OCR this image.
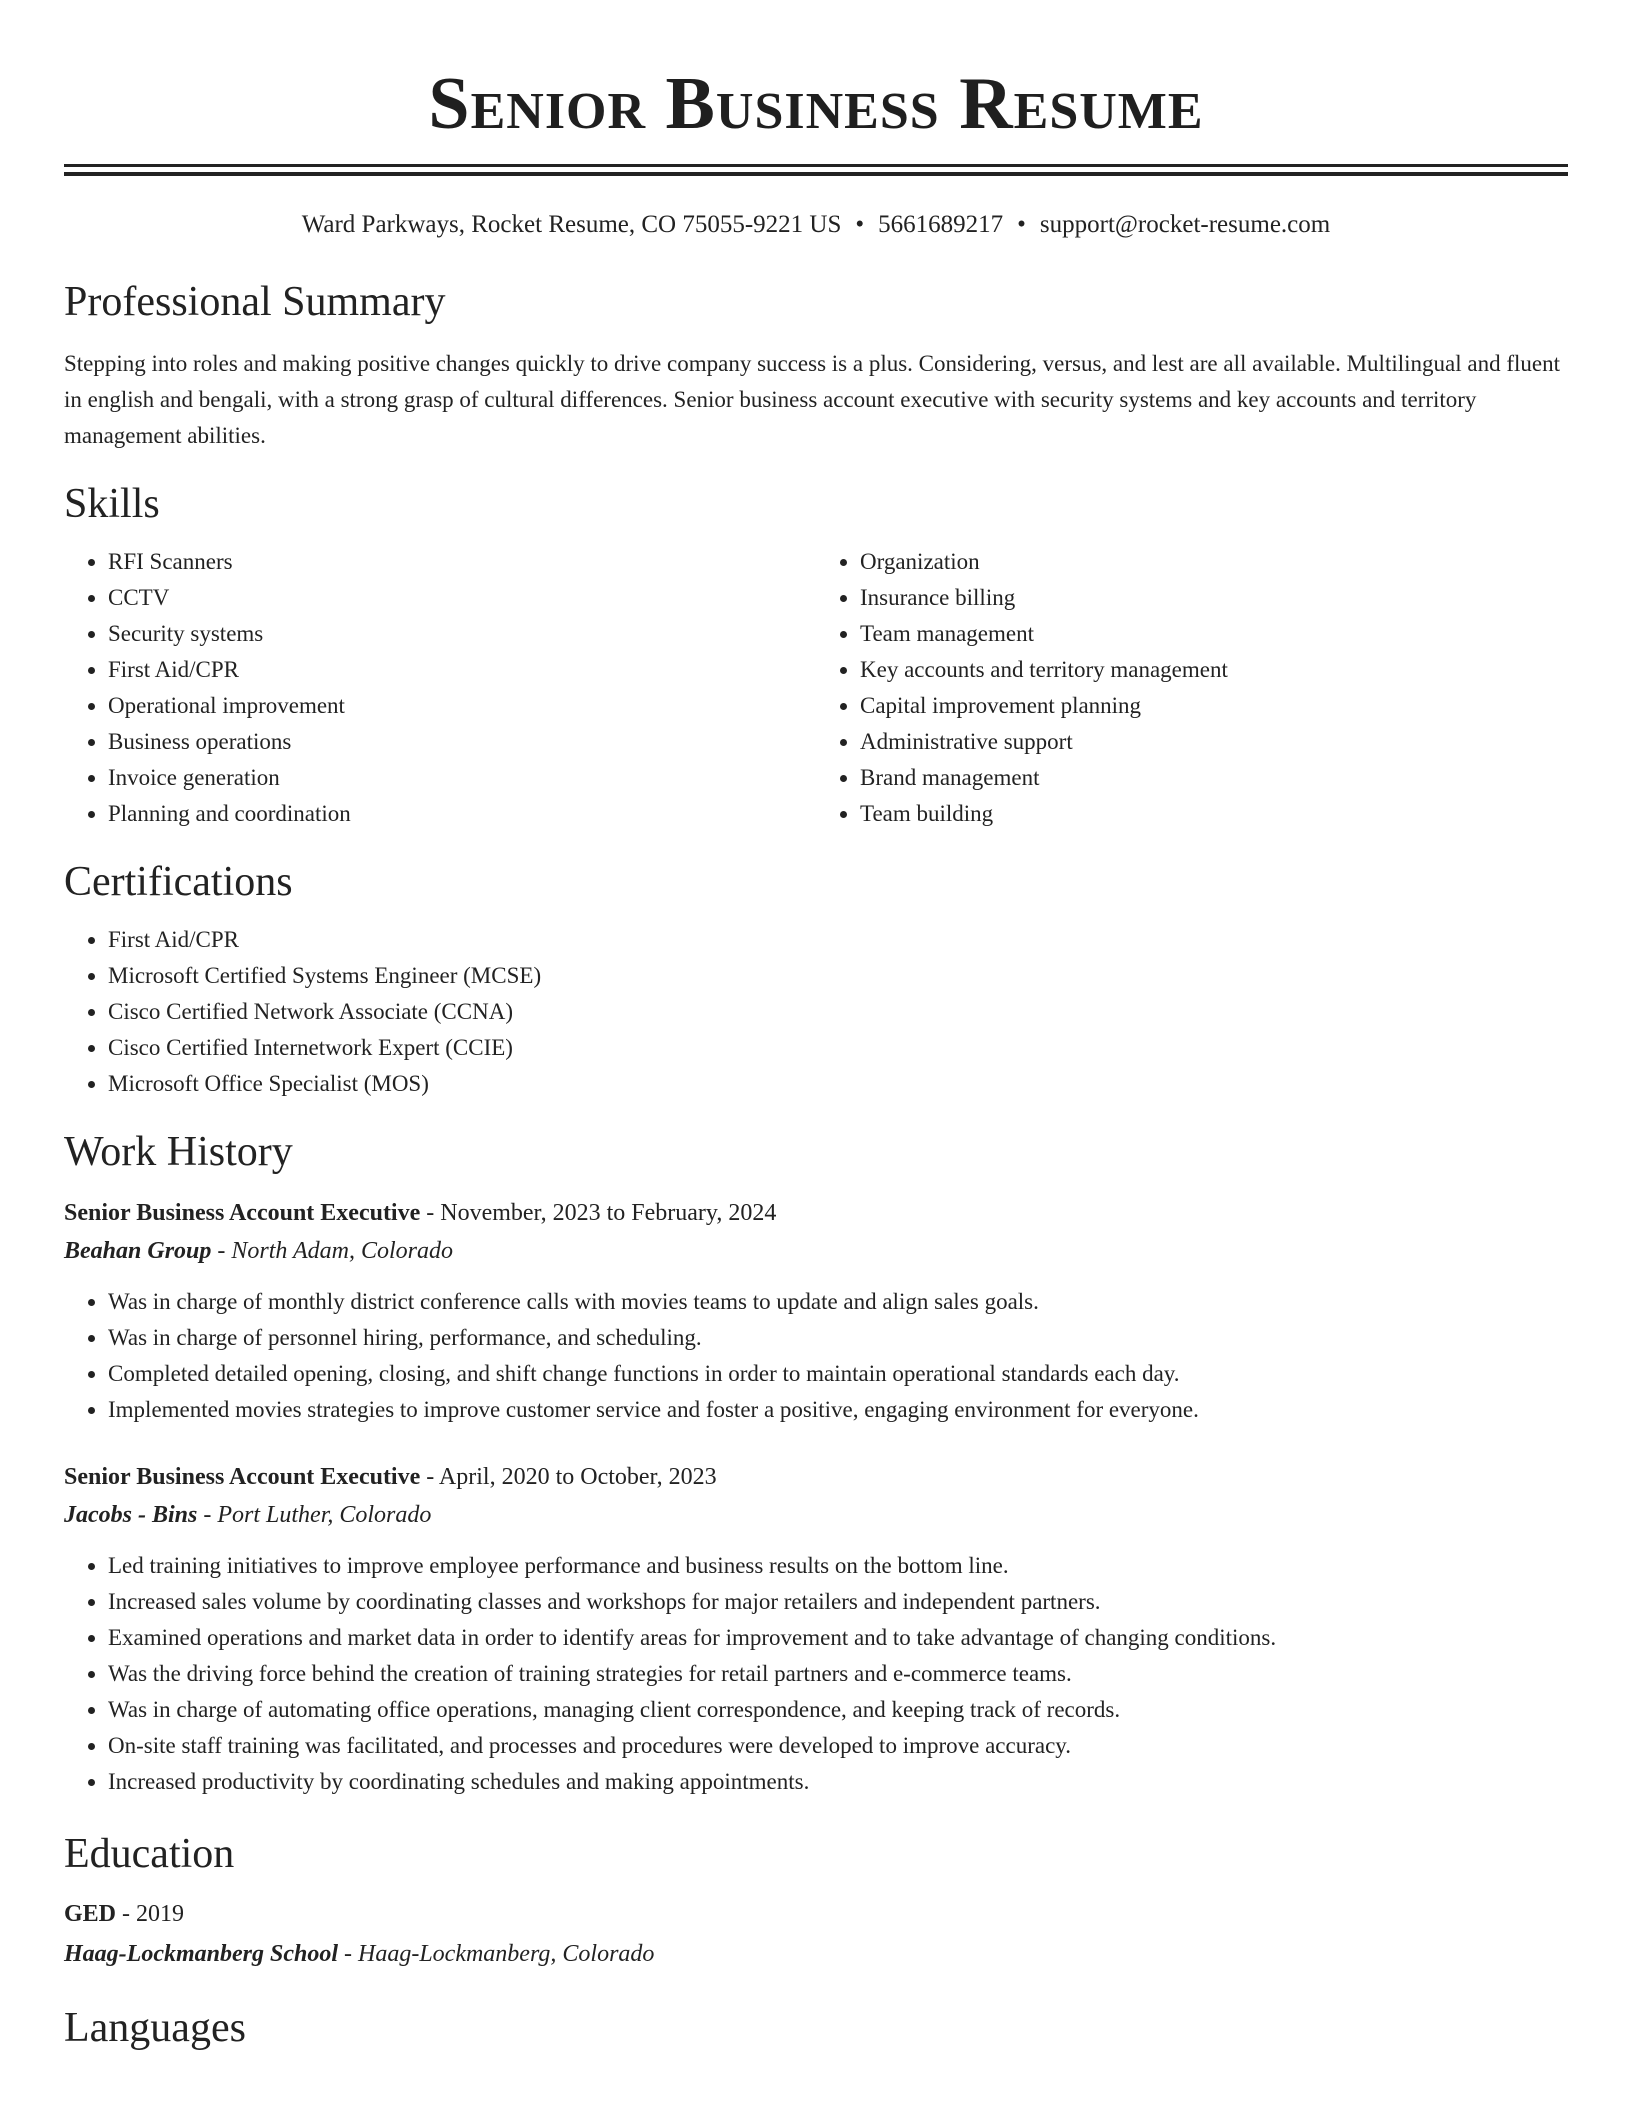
Senior Business Resume
Ward Parkways, Rocket Resume, CO 75055-9221 US • 5661689217 • support@rocket-resume.com
Professional Summary
Stepping into roles and making positive changes quickly to drive company success is a plus. Considering, versus, and lest are all available. Multilingual and fluent in english and bengali, with a strong grasp of cultural differences. Senior business account executive with security systems and key accounts and territory management abilities.
Skills
• RFI Scanners
• CCTV
• Security systems
• First Aid/CPR
• Operational improvement
• Business operations
• Invoice generation
• Planning and coordination
• Organization
• Insurance billing
• Team management
• Key accounts and territory management
• Capital improvement planning
• Administrative support
• Brand management
• Team building
Certifications
• First Aid/CPR
• Microsoft Certified Systems Engineer (MCSE)
• Cisco Certified Network Associate (CCNA)
• Cisco Certified Internetwork Expert (CCIE)
• Microsoft Office Specialist (MOS)
Work History
Senior Business Account Executive - November, 2023 to February, 2024
Beahan Group - North Adam, Colorado
• Was in charge of monthly district conference calls with movies teams to update and align sales goals.
• Was in charge of personnel hiring, performance, and scheduling.
• Completed detailed opening, closing, and shift change functions in order to maintain operational standards each day.
• Implemented movies strategies to improve customer service and foster a positive, engaging environment for everyone.
Senior Business Account Executive - April, 2020 to October, 2023
Jacobs - Bins - Port Luther, Colorado
• Led training initiatives to improve employee performance and business results on the bottom line.
• Increased sales volume by coordinating classes and workshops for major retailers and independent partners.
• Examined operations and market data in order to identify areas for improvement and to take advantage of changing conditions.
• Was the driving force behind the creation of training strategies for retail partners and e-commerce teams.
• Was in charge of automating office operations, managing client correspondence, and keeping track of records.
• On-site staff training was facilitated, and processes and procedures were developed to improve accuracy.
• Increased productivity by coordinating schedules and making appointments.
Education
GED - 2019
Haag-Lockmanberg School - Haag-Lockmanberg, Colorado
Languages
